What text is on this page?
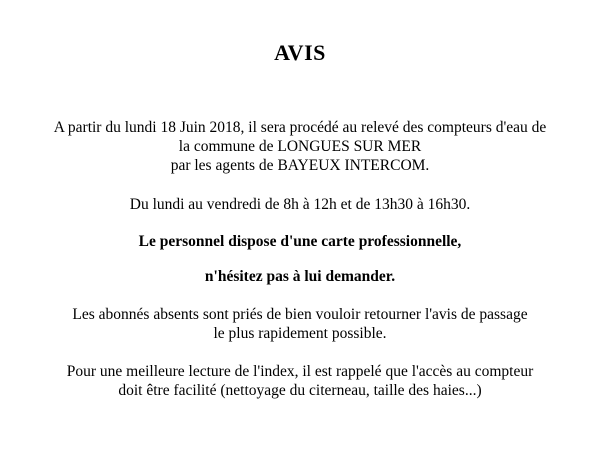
AVIS
A partir du lundi 18 Juin 2018, il sera procédé au relevé des compteurs d'eau de
la commune de LONGUES SUR MER
par les agents de BAYEUX INTERCOM.
Du lundi au vendredi de 8h à 12h et de 13h30 à 16h30.
Le personnel dispose d'une carte professionnelle,
n'hésitez pas à lui demander.
Les abonnés absents sont priés de bien vouloir retourner l'avis de passage
le plus rapidement possible.
Pour une meilleure lecture de l'index, il est rappelé que l'accès au compteur
doit être facilité (nettoyage du citerneau, taille des haies...)
